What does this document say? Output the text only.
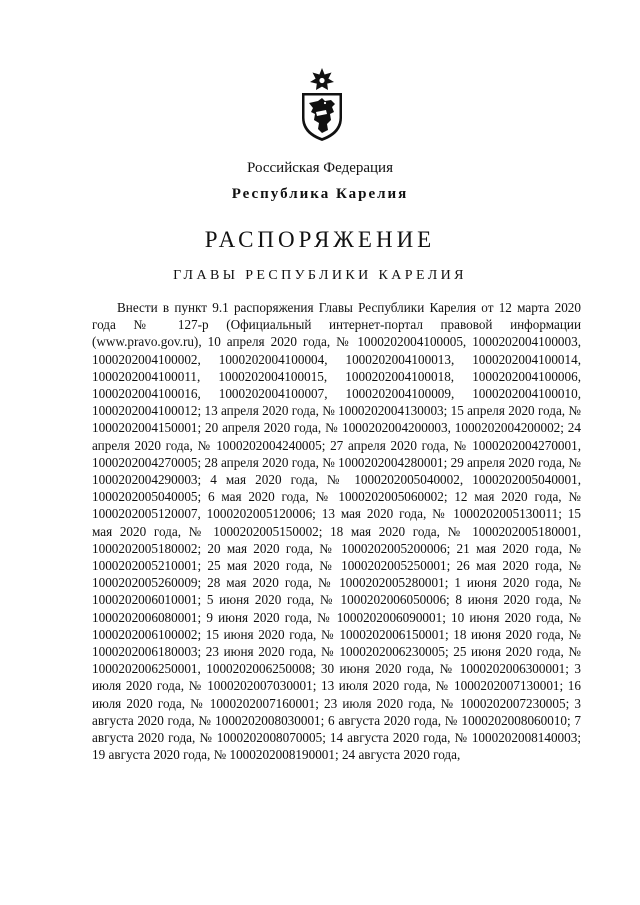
Российская Федерация
Республика Карелия
РАСПОРЯЖЕНИЕ
ГЛАВЫ РЕСПУБЛИКИ КАРЕЛИЯ

Внести в пункт 9.1 распоряжения Главы Республики Карелия от 12 марта 2020 года № 127-р (Официальный интернет-портал правовой информации (www.pravo.gov.ru), 10 апреля 2020 года, № 1000202004100005, 1000202004100003, 1000202004100002, 1000202004100004, 1000202004100013, 1000202004100014, 1000202004100011, 1000202004100015, 1000202004100018, 1000202004100006, 1000202004100016, 1000202004100007, 1000202004100009, 1000202004100010, 1000202004100012; 13 апреля 2020 года, № 1000202004130003; 15 апреля 2020 года, № 1000202004150001; 20 апреля 2020 года, № 1000202004200003, 1000202004200002; 24 апреля 2020 года, № 1000202004240005; 27 апреля 2020 года, № 1000202004270001, 1000202004270005; 28 апреля 2020 года, № 1000202004280001; 29 апреля 2020 года, № 1000202004290003; 4 мая 2020 года, № 1000202005040002, 1000202005040001, 1000202005040005; 6 мая 2020 года, № 1000202005060002; 12 мая 2020 года, № 1000202005120007, 1000202005120006; 13 мая 2020 года, № 1000202005130011; 15 мая 2020 года, № 1000202005150002; 18 мая 2020 года, № 1000202005180001, 1000202005180002; 20 мая 2020 года, № 1000202005200006; 21 мая 2020 года, № 1000202005210001; 25 мая 2020 года, № 1000202005250001; 26 мая 2020 года, № 1000202005260009; 28 мая 2020 года, № 1000202005280001; 1 июня 2020 года, № 1000202006010001; 5 июня 2020 года, № 1000202006050006; 8 июня 2020 года, № 1000202006080001; 9 июня 2020 года, № 1000202006090001; 10 июня 2020 года, № 1000202006100002; 15 июня 2020 года, № 1000202006150001; 18 июня 2020 года, № 1000202006180003; 23 июня 2020 года, № 1000202006230005; 25 июня 2020 года, № 1000202006250001, 1000202006250008; 30 июня 2020 года, № 1000202006300001; 3 июля 2020 года, № 1000202007030001; 13 июля 2020 года, № 1000202007130001; 16 июля 2020 года, № 1000202007160001; 23 июля 2020 года, № 1000202007230005; 3 августа 2020 года, № 1000202008030001; 6 августа 2020 года, № 1000202008060010; 7 августа 2020 года, № 1000202008070005; 14 августа 2020 года, № 1000202008140003; 19 августа 2020 года, № 1000202008190001; 24 августа 2020 года,
